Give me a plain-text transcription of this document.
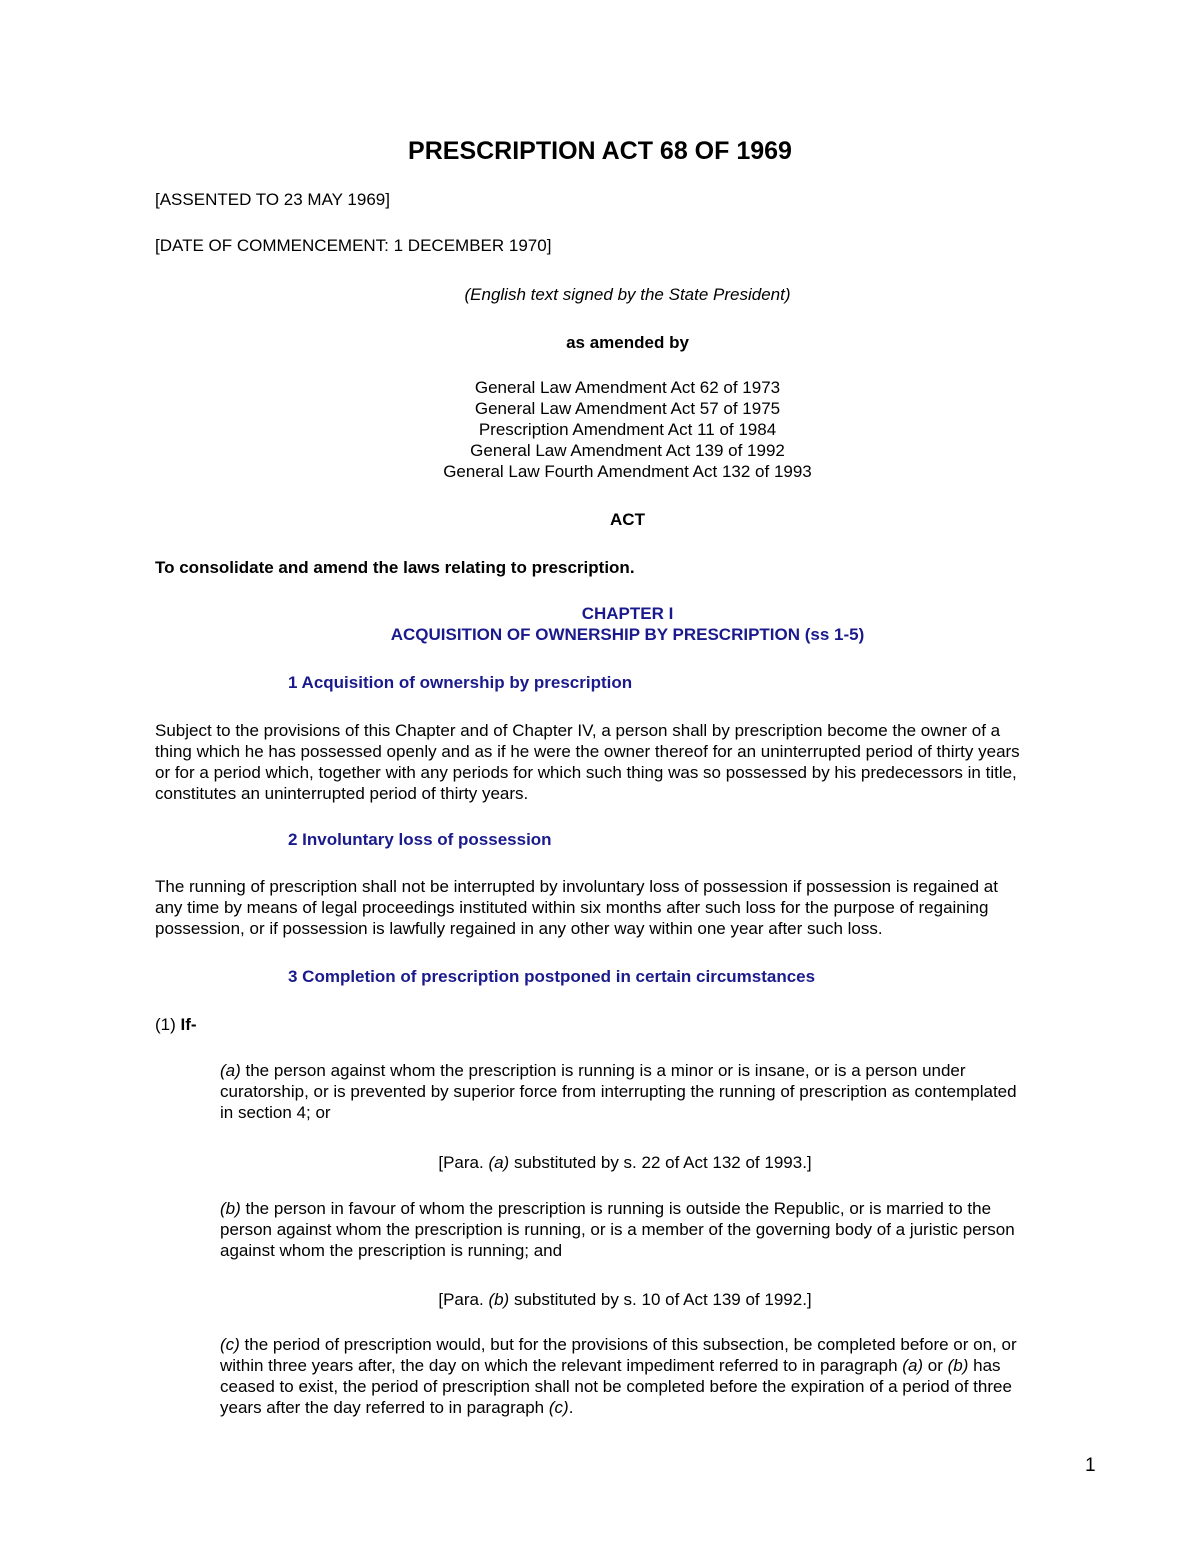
PRESCRIPTION ACT 68 OF 1969

[ASSENTED TO 23 MAY 1969]

[DATE OF COMMENCEMENT: 1 DECEMBER 1970]

(English text signed by the State President)

as amended by

General Law Amendment Act 62 of 1973

General Law Amendment Act 57 of 1975

Prescription Amendment Act 11 of 1984

General Law Amendment Act 139 of 1992

General Law Fourth Amendment Act 132 of 1993

ACT

To consolidate and amend the laws relating to prescription.

CHAPTER I

ACQUISITION OF OWNERSHIP BY PRESCRIPTION (ss 1-5)

1 Acquisition of ownership by prescription

Subject to the provisions of this Chapter and of Chapter IV, a person shall by prescription become the owner of a
thing which he has possessed openly and as if he were the owner thereof for an uninterrupted period of thirty years
or for a period which, together with any periods for which such thing was so possessed by his predecessors in title,
constitutes an uninterrupted period of thirty years.

2 Involuntary loss of possession

The running of prescription shall not be interrupted by involuntary loss of possession if possession is regained at
any time by means of legal proceedings instituted within six months after such loss for the purpose of regaining
possession, or if possession is lawfully regained in any other way within one year after such loss.

3 Completion of prescription postponed in certain circumstances

(1) If-

(a) the person against whom the prescription is running is a minor or is insane, or is a person under
curatorship, or is prevented by superior force from interrupting the running of prescription as contemplated
in section 4; or

[Para. (a) substituted by s. 22 of Act 132 of 1993.]

(b) the person in favour of whom the prescription is running is outside the Republic, or is married to the
person against whom the prescription is running, or is a member of the governing body of a juristic person
against whom the prescription is running; and

[Para. (b) substituted by s. 10 of Act 139 of 1992.]

(c) the period of prescription would, but for the provisions of this subsection, be completed before or on, or
within three years after, the day on which the relevant impediment referred to in paragraph (a) or (b) has
ceased to exist, the period of prescription shall not be completed before the expiration of a period of three
years after the day referred to in paragraph (c).
1
